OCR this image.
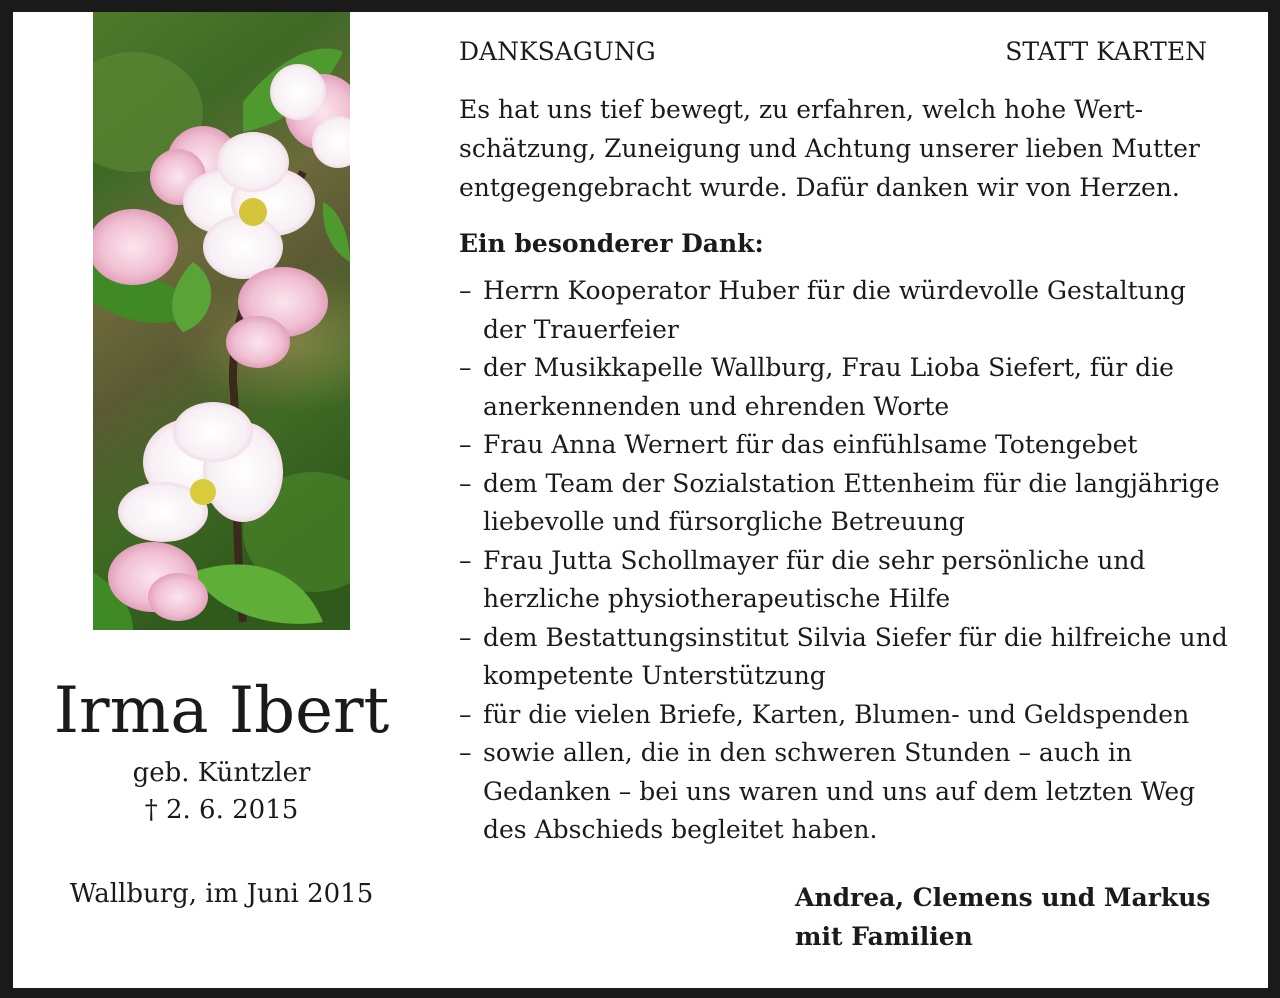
Irma Ibert
geb. Küntzler
† 2. 6. 2015
Wallburg, im Juni 2015
DANKSAGUNG	STATT KARTEN
Es hat uns tief bewegt, zu erfahren, welch hohe Wert-
schätzung, Zuneigung und Achtung unserer lieben Mutter
entgegengebracht wurde. Dafür danken wir von Herzen.
Ein besonderer Dank:
– Herrn Kooperator Huber für die würdevolle Gestaltung
der Trauerfeier
– der Musikkapelle Wallburg, Frau Lioba Siefert, für die
anerkennenden und ehrenden Worte
– Frau Anna Wernert für das einfühlsame Totengebet
– dem Team der Sozialstation Ettenheim für die langjährige
liebevolle und fürsorgliche Betreuung
– Frau Jutta Schollmayer für die sehr persönliche und
herzliche physiotherapeutische Hilfe
– dem Bestattungsinstitut Silvia Siefer für die hilfreiche und
kompetente Unterstützung
– für die vielen Briefe, Karten, Blumen- und Geldspenden
– sowie allen, die in den schweren Stunden – auch in
Gedanken – bei uns waren und uns auf dem letzten Weg
des Abschieds begleitet haben.
Andrea, Clemens und Markus
mit Familien
